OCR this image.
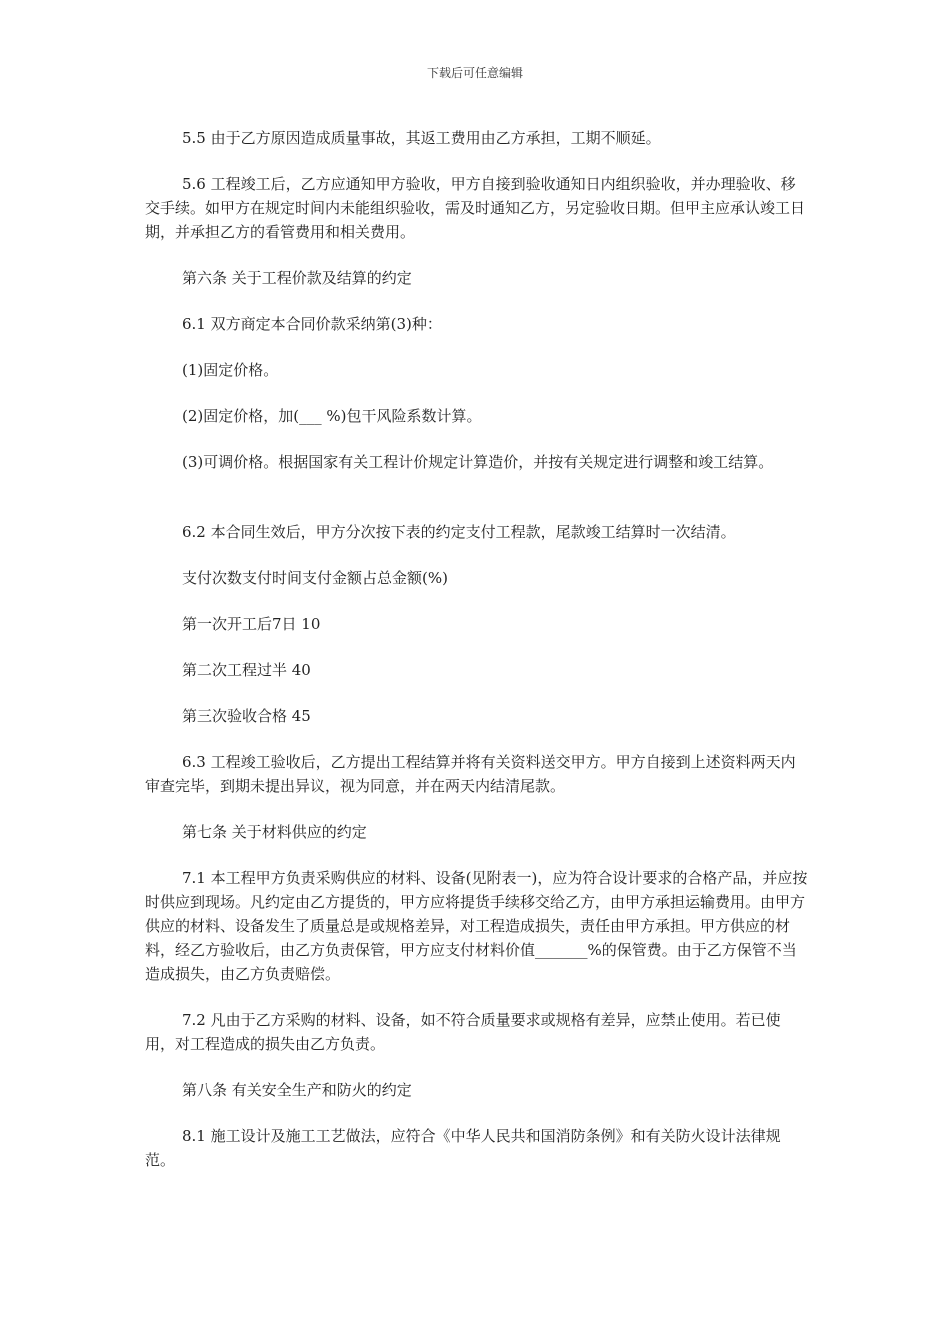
下载后可任意编辑

5.5 由于乙方原因造成质量事故，其返工费用由乙方承担，工期不顺延。

5.6 工程竣工后，乙方应通知甲方验收，甲方自接到验收通知日内组织验收，并办理验收、移交手续。如甲方在规定时间内未能组织验收，需及时通知乙方，另定验收日期。但甲主应承认竣工日期，并承担乙方的看管费用和相关费用。

第六条 关于工程价款及结算的约定

6.1 双方商定本合同价款采纳第(3)种：

(1)固定价格。

(2)固定价格，加(___ %)包干风险系数计算。

(3)可调价格。根据国家有关工程计价规定计算造价，并按有关规定进行调整和竣工结算。

6.2 本合同生效后，甲方分次按下表的约定支付工程款，尾款竣工结算时一次结清。

支付次数支付时间支付金额占总金额(%)

第一次开工后7日 10

第二次工程过半 40

第三次验收合格 45

6.3 工程竣工验收后，乙方提出工程结算并将有关资料送交甲方。甲方自接到上述资料两天内审查完毕，到期未提出异议，视为同意，并在两天内结清尾款。

第七条 关于材料供应的约定

7.1 本工程甲方负责采购供应的材料、设备(见附表一)，应为符合设计要求的合格产品，并应按时供应到现场。凡约定由乙方提货的，甲方应将提货手续移交给乙方，由甲方承担运输费用。由甲方供应的材料、设备发生了质量总是或规格差异，对工程造成损失，责任由甲方承担。甲方供应的材料，经乙方验收后，由乙方负责保管，甲方应支付材料价值_______%的保管费。由于乙方保管不当造成损失，由乙方负责赔偿。

7.2 凡由于乙方采购的材料、设备，如不符合质量要求或规格有差异，应禁止使用。若已使用，对工程造成的损失由乙方负责。

第八条 有关安全生产和防火的约定

8.1 施工设计及施工工艺做法，应符合《中华人民共和国消防条例》和有关防火设计法律规范。
